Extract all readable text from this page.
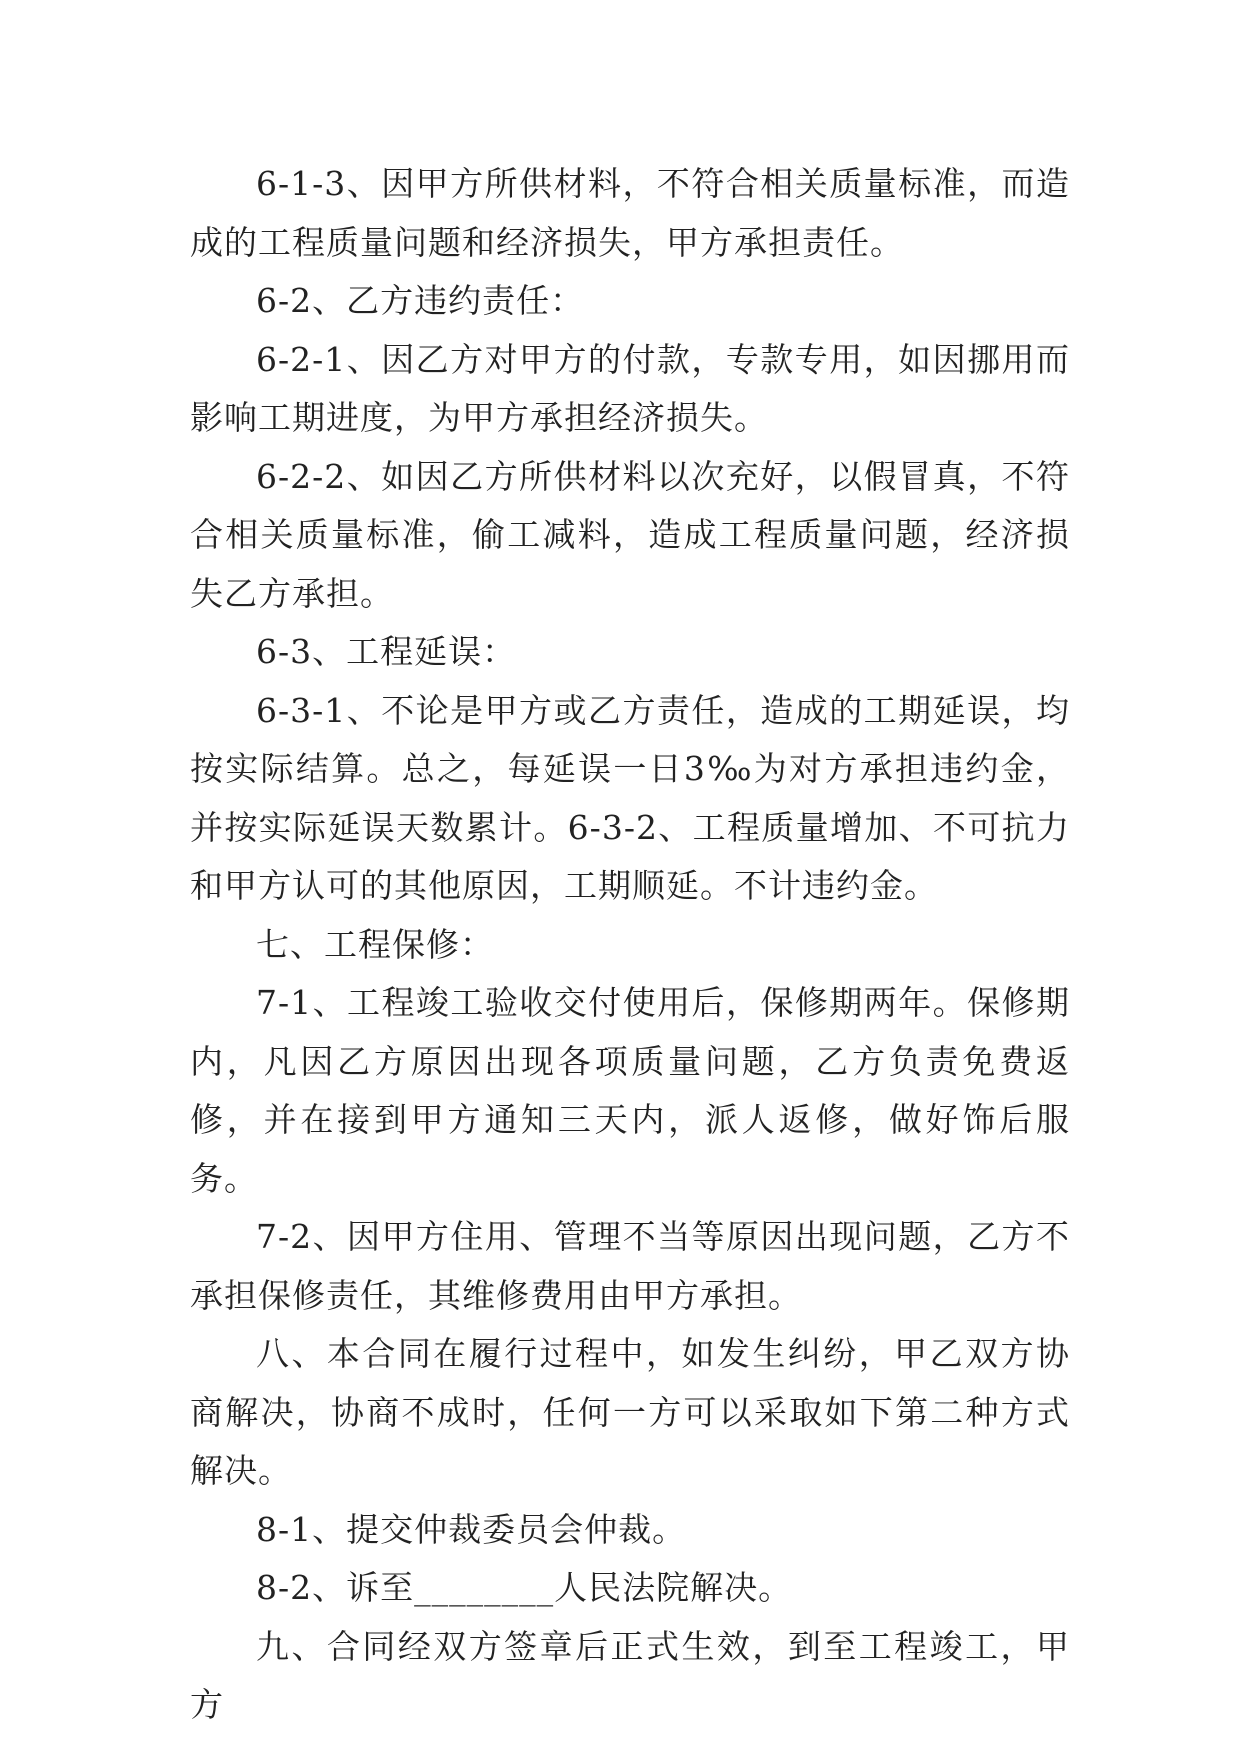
6-1-3、因甲方所供材料，不符合相关质量标准，而造成的工程质量问题和经济损失，甲方承担责任。

6-2、乙方违约责任：

6-2-1、因乙方对甲方的付款，专款专用，如因挪用而影响工期进度，为甲方承担经济损失。

6-2-2、如因乙方所供材料以次充好，以假冒真，不符合相关质量标准，偷工减料，造成工程质量问题，经济损失乙方承担。

6-3、工程延误：

6-3-1、不论是甲方或乙方责任，造成的工期延误，均按实际结算。总之，每延误一日3‰为对方承担违约金，并按实际延误天数累计。6-3-2、工程质量增加、不可抗力和甲方认可的其他原因，工期顺延。不计违约金。

七、工程保修：

7-1、工程竣工验收交付使用后，保修期两年。保修期内，凡因乙方原因出现各项质量问题，乙方负责免费返修，并在接到甲方通知三天内，派人返修，做好饰后服务。

7-2、因甲方住用、管理不当等原因出现问题，乙方不承担保修责任，其维修费用由甲方承担。

八、本合同在履行过程中，如发生纠纷，甲乙双方协商解决，协商不成时，任何一方可以采取如下第二种方式解决。

8-1、提交仲裁委员会仲裁。

8-2、诉至________人民法院解决。

九、合同经双方签章后正式生效，到至工程竣工，甲方
